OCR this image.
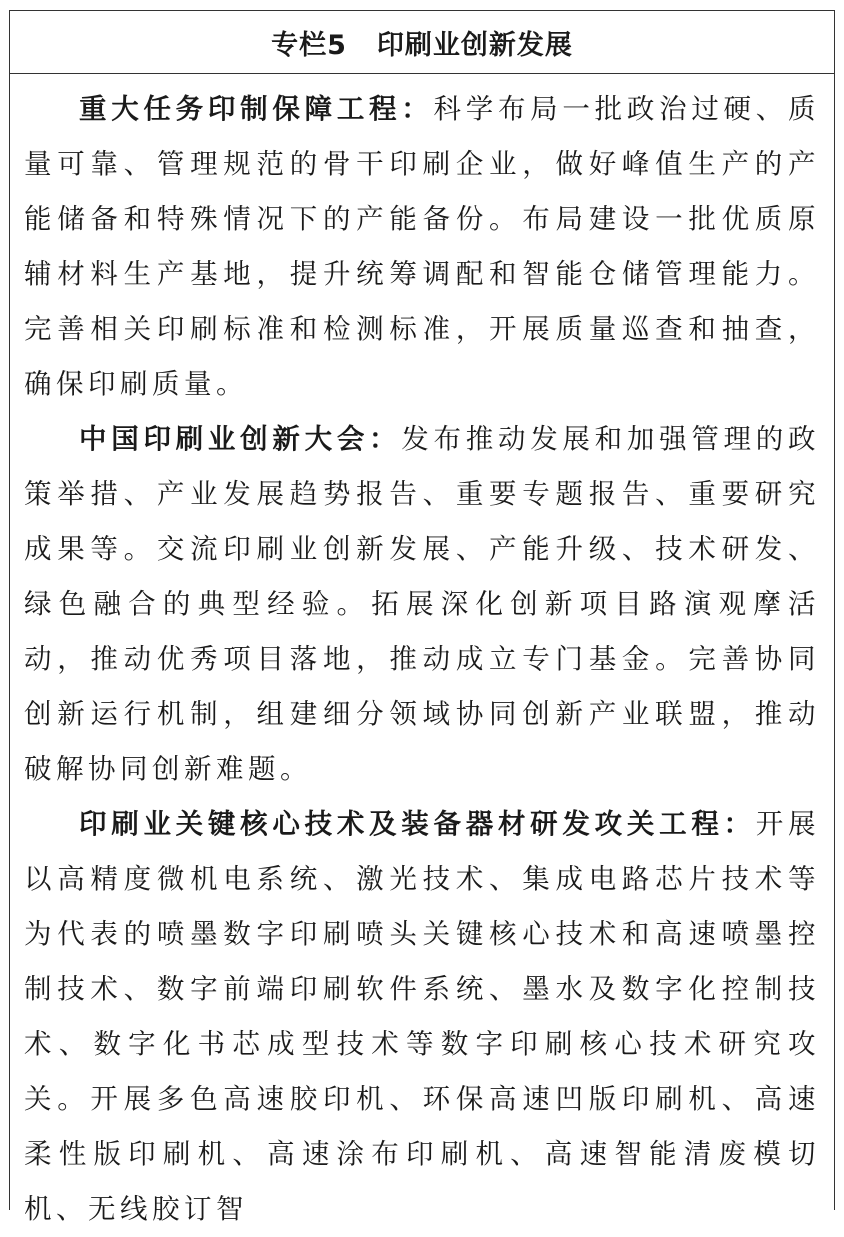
专栏5 印刷业创新发展

重大任务印制保障工程：科学布局一批政治过硬、质量可靠、管理规范的骨干印刷企业，做好峰值生产的产能储备和特殊情况下的产能备份。布局建设一批优质原辅材料生产基地，提升统筹调配和智能仓储管理能力。完善相关印刷标准和检测标准，开展质量巡查和抽查，确保印刷质量。

中国印刷业创新大会：发布推动发展和加强管理的政策举措、产业发展趋势报告、重要专题报告、重要研究成果等。交流印刷业创新发展、产能升级、技术研发、绿色融合的典型经验。拓展深化创新项目路演观摩活动，推动优秀项目落地，推动成立专门基金。完善协同创新运行机制，组建细分领域协同创新产业联盟，推动破解协同创新难题。

印刷业关键核心技术及装备器材研发攻关工程：开展以高精度微机电系统、激光技术、集成电路芯片技术等为代表的喷墨数字印刷喷头关键核心技术和高速喷墨控制技术、数字前端印刷软件系统、墨水及数字化控制技术、数字化书芯成型技术等数字印刷核心技术研究攻关。开展多色高速胶印机、环保高速凹版印刷机、高速柔性版印刷机、高速涂布印刷机、高速智能清废模切机、无线胶订智
